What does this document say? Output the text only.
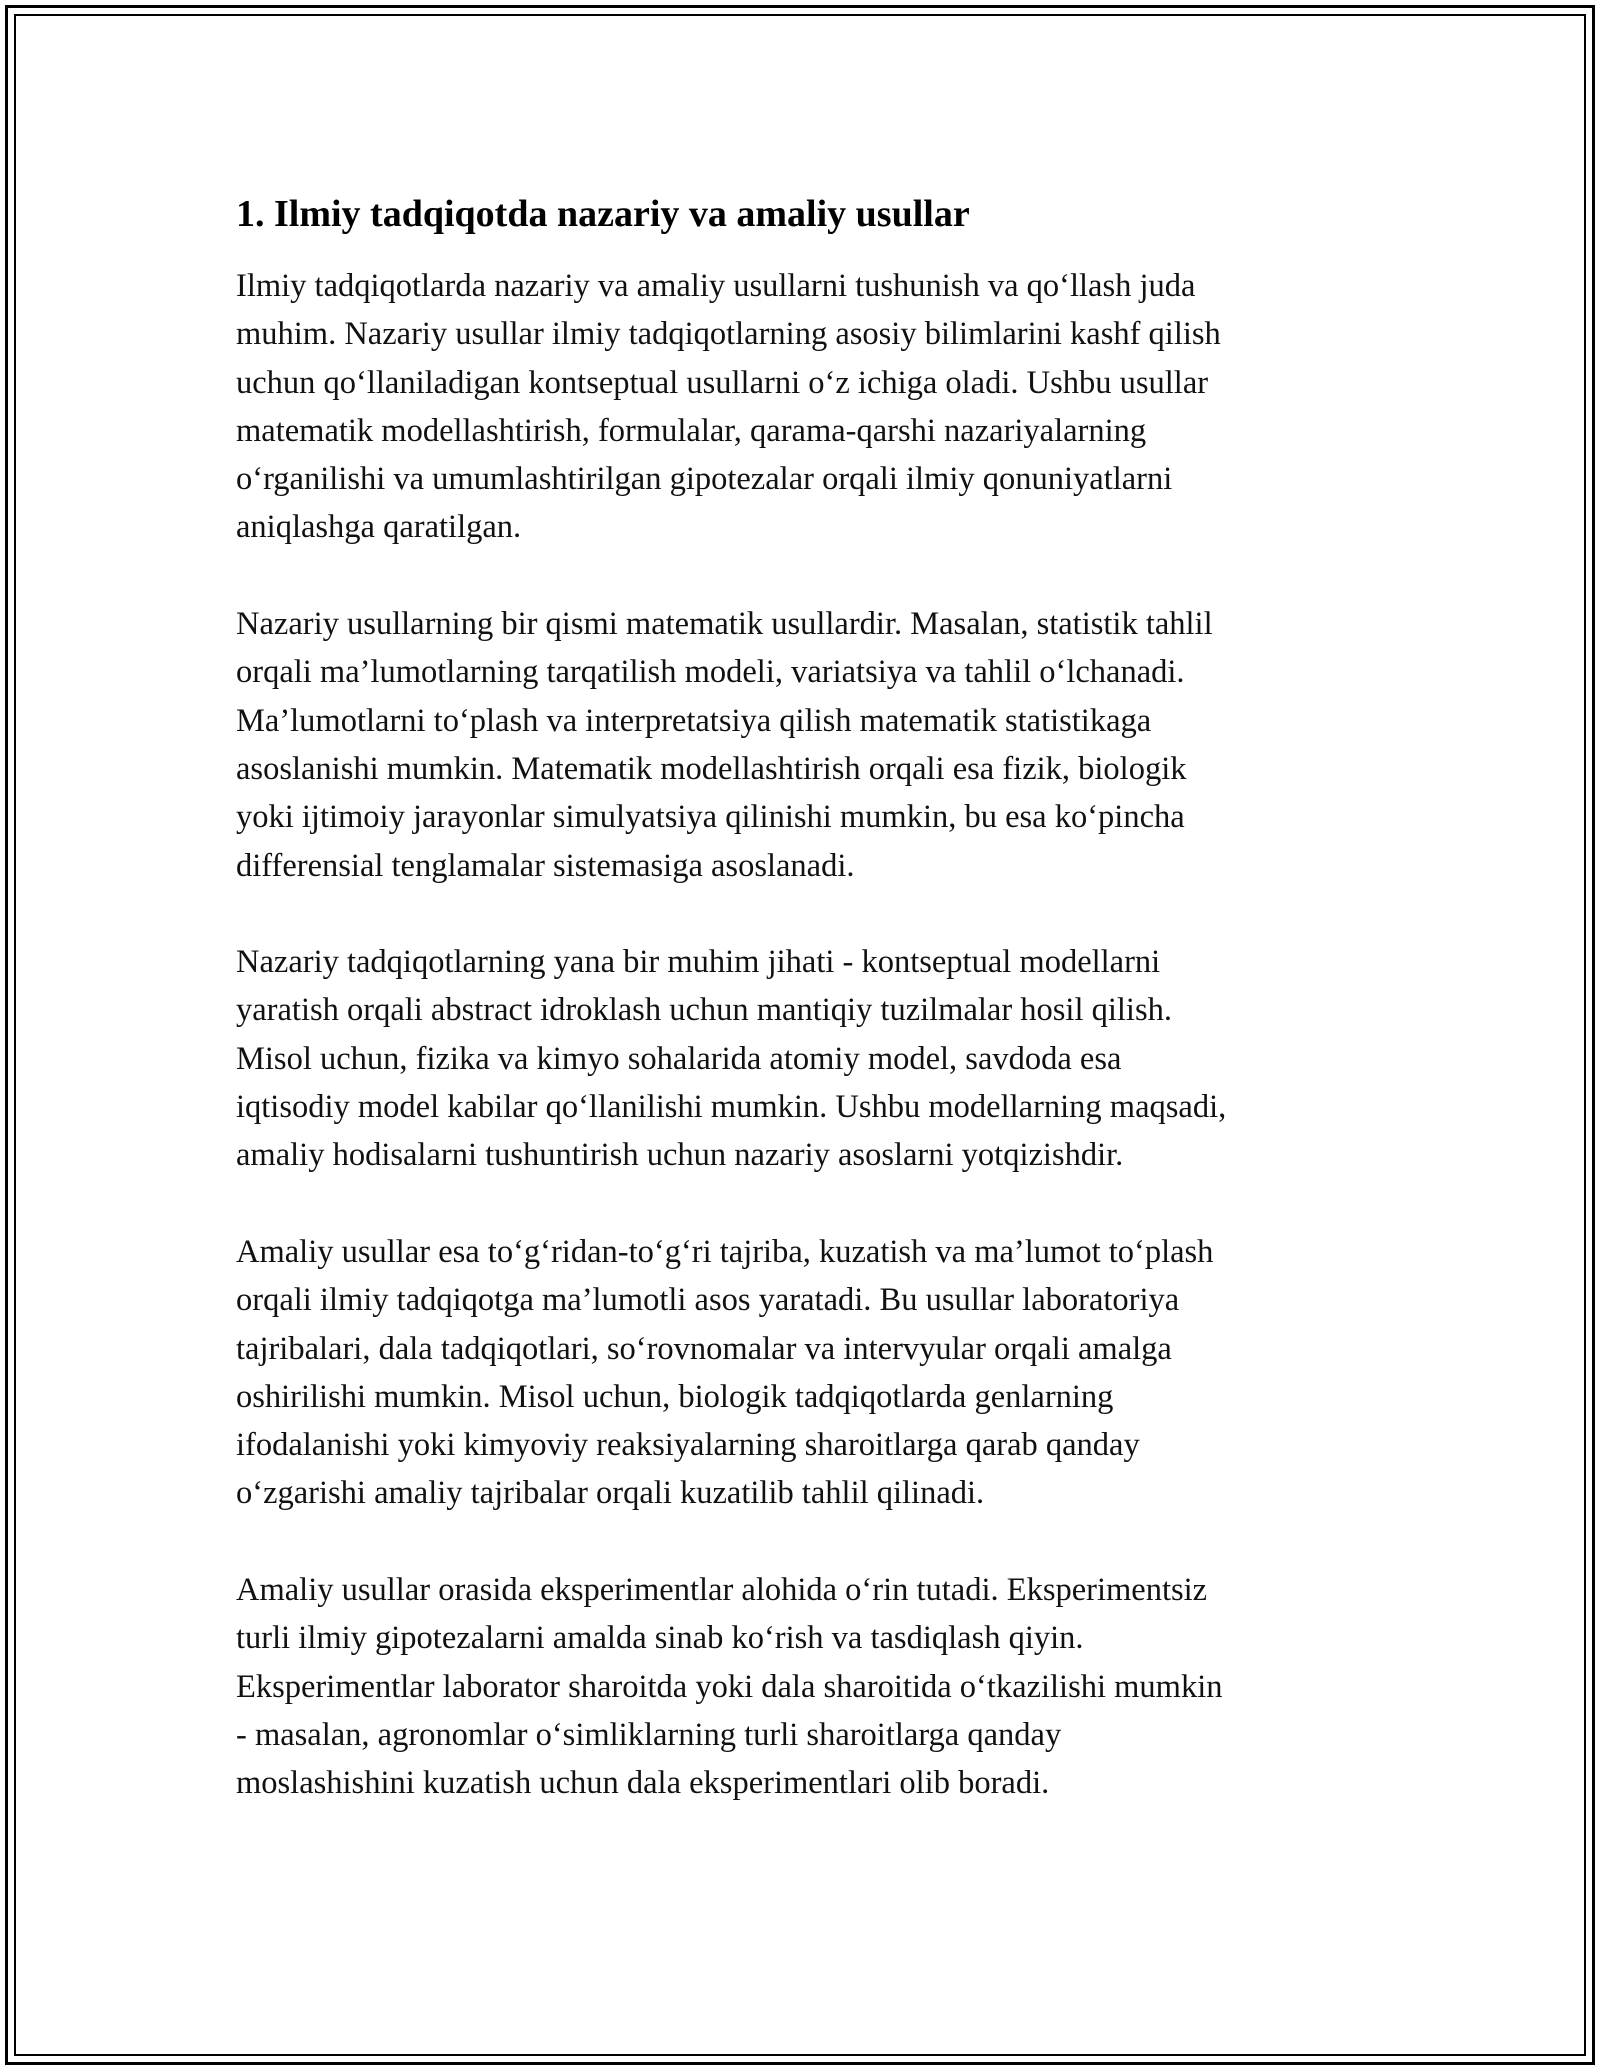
1. Ilmiy tadqiqotda nazariy va amaliy usullar

Ilmiy tadqiqotlarda nazariy va amaliy usullarni tushunish va qo‘llash juda
muhim. Nazariy usullar ilmiy tadqiqotlarning asosiy bilimlarini kashf qilish
uchun qo‘llaniladigan kontseptual usullarni o‘z ichiga oladi. Ushbu usullar
matematik modellashtirish, formulalar, qarama-qarshi nazariyalarning
o‘rganilishi va umumlashtirilgan gipotezalar orqali ilmiy qonuniyatlarni
aniqlashga qaratilgan.

Nazariy usullarning bir qismi matematik usullardir. Masalan, statistik tahlil
orqali ma’lumotlarning tarqatilish modeli, variatsiya va tahlil o‘lchanadi.
Ma’lumotlarni to‘plash va interpretatsiya qilish matematik statistikaga
asoslanishi mumkin. Matematik modellashtirish orqali esa fizik, biologik
yoki ijtimoiy jarayonlar simulyatsiya qilinishi mumkin, bu esa ko‘pincha
differensial tenglamalar sistemasiga asoslanadi.

Nazariy tadqiqotlarning yana bir muhim jihati - kontseptual modellarni
yaratish orqali abstract idroklash uchun mantiqiy tuzilmalar hosil qilish.
Misol uchun, fizika va kimyo sohalarida atomiy model, savdoda esa
iqtisodiy model kabilar qo‘llanilishi mumkin. Ushbu modellarning maqsadi,
amaliy hodisalarni tushuntirish uchun nazariy asoslarni yotqizishdir.

Amaliy usullar esa to‘g‘ridan-to‘g‘ri tajriba, kuzatish va ma’lumot to‘plash
orqali ilmiy tadqiqotga ma’lumotli asos yaratadi. Bu usullar laboratoriya
tajribalari, dala tadqiqotlari, so‘rovnomalar va intervyular orqali amalga
oshirilishi mumkin. Misol uchun, biologik tadqiqotlarda genlarning
ifodalanishi yoki kimyoviy reaksiyalarning sharoitlarga qarab qanday
o‘zgarishi amaliy tajribalar orqali kuzatilib tahlil qilinadi.

Amaliy usullar orasida eksperimentlar alohida o‘rin tutadi. Eksperimentsiz
turli ilmiy gipotezalarni amalda sinab ko‘rish va tasdiqlash qiyin.
Eksperimentlar laborator sharoitda yoki dala sharoitida o‘tkazilishi mumkin
- masalan, agronomlar o‘simliklarning turli sharoitlarga qanday
moslashishini kuzatish uchun dala eksperimentlari olib boradi.
